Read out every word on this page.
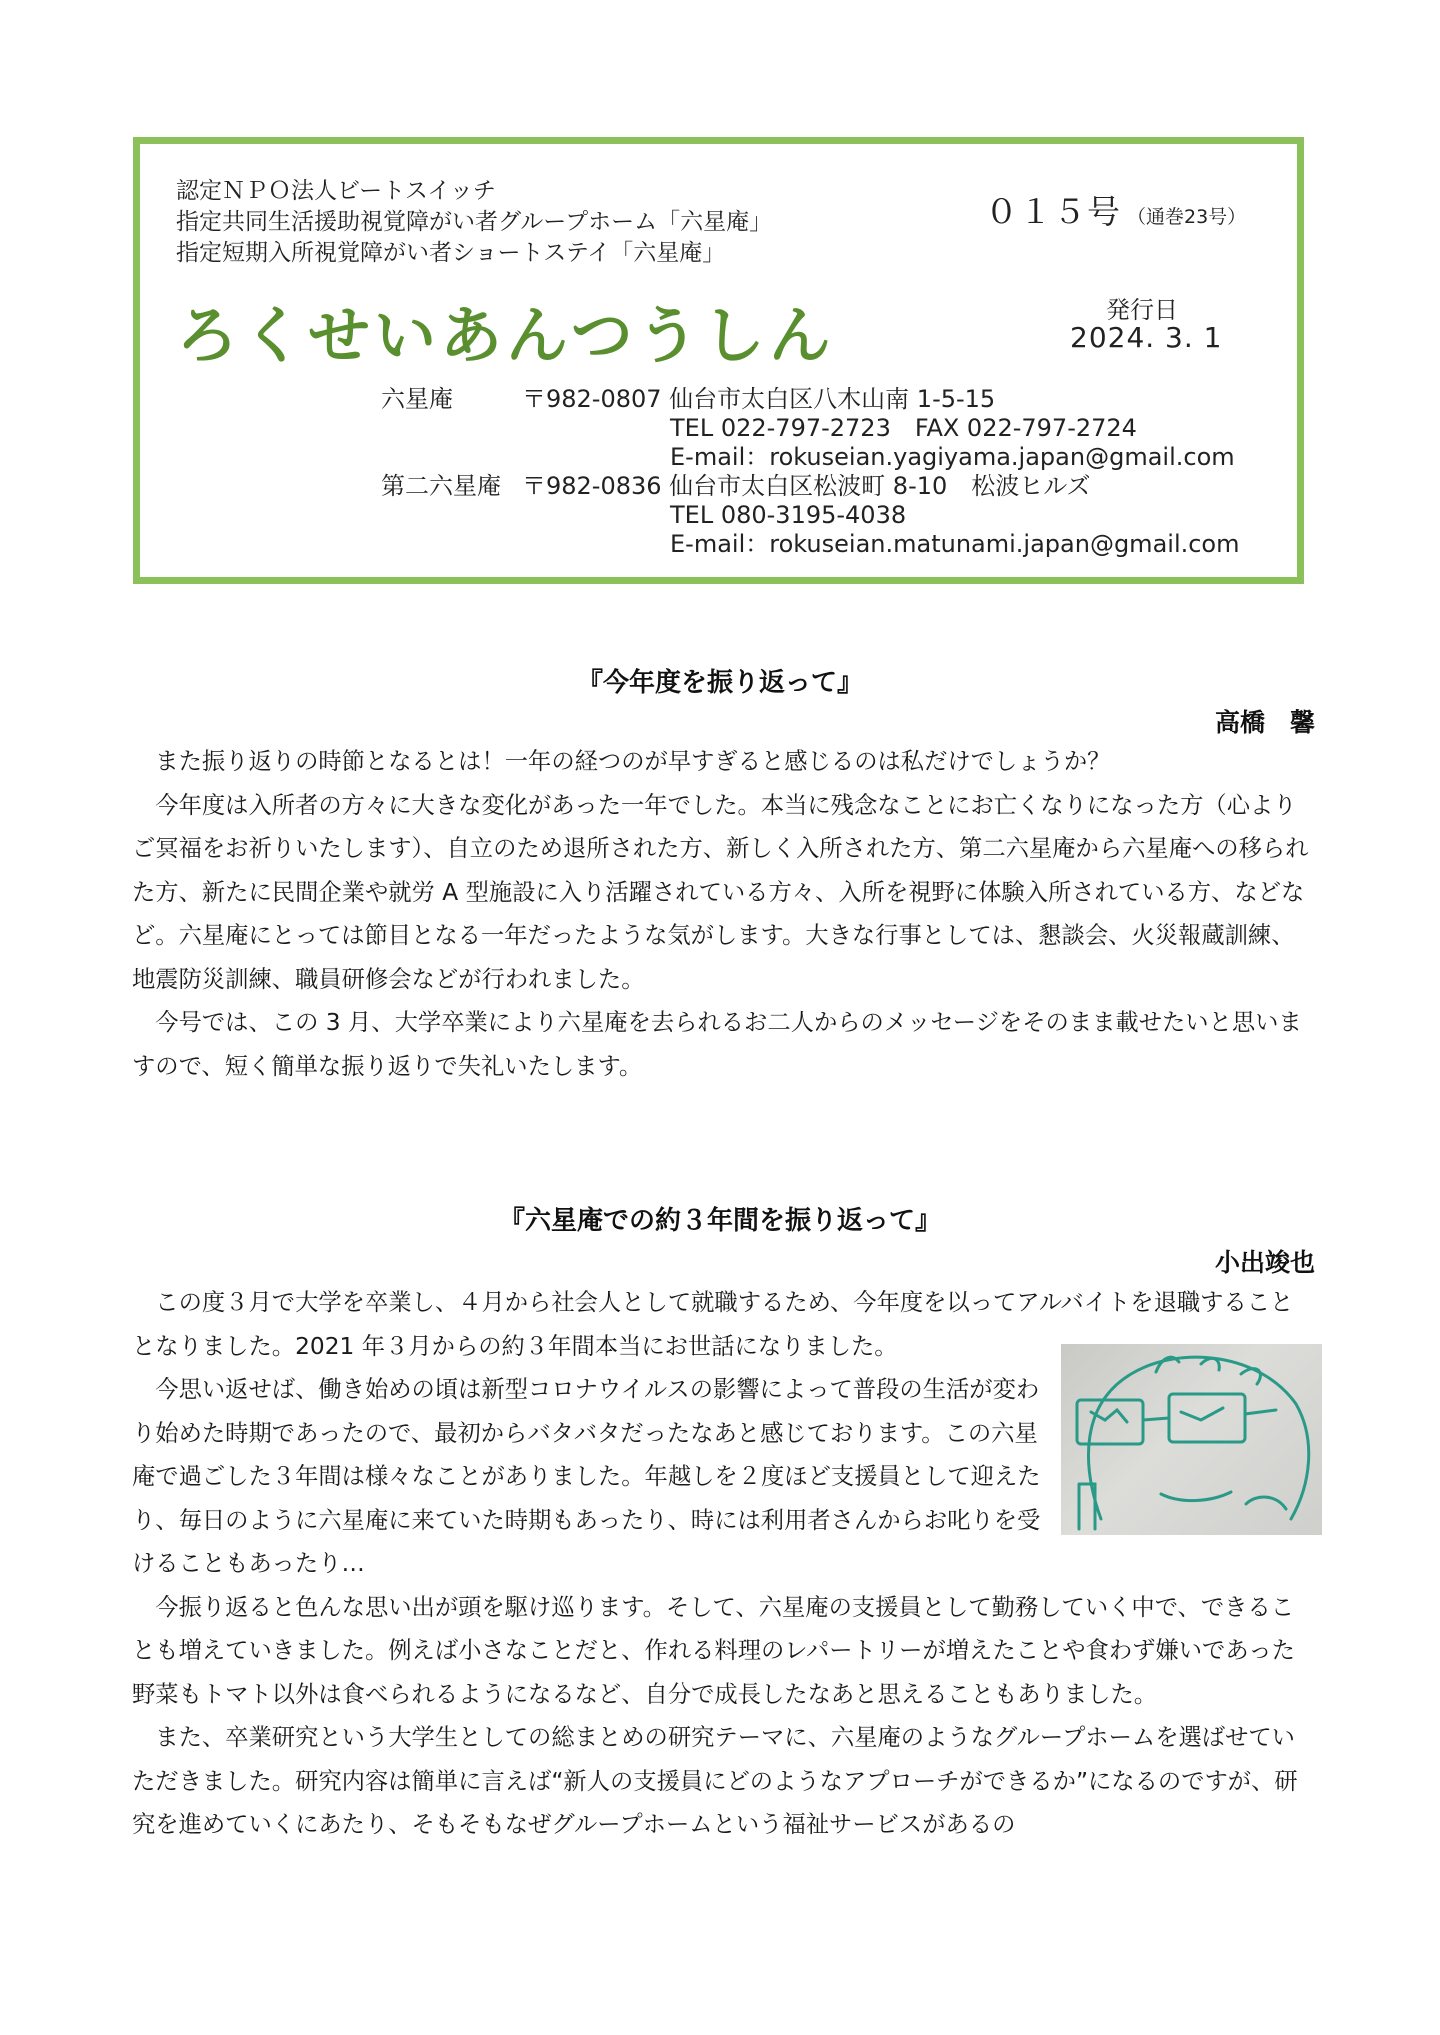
認定ＮＰＯ法人ビートスイッチ
指定共同生活援助視覚障がい者グループホーム「六星庵」
指定短期入所視覚障がい者ショートステイ「六星庵」
０１５号 （通巻23号）
ろくせいあんつうしん	発行日
2024. 3. 1
六星庵	〒982-0807 仙台市太白区八木山南 1-5-15
TEL 022-797-2723　FAX 022-797-2724
E-mail：rokuseian.yagiyama.japan@gmail.com
第二六星庵 〒982-0836 仙台市太白区松波町 8-10　松波ヒルズ
TEL 080-3195-4038
E-mail：rokuseian.matunami.japan@gmail.com
『今年度を振り返って』
高橋　馨

また振り返りの時節となるとは！一年の経つのが早すぎると感じるのは私だけでしょうか？

今年度は入所者の方々に大きな変化があった一年でした。本当に残念なことにお亡くなりになった方（心よりご冥福をお祈りいたします）、自立のため退所された方、新しく入所された方、第二六星庵から六星庵への移られた方、新たに民間企業や就労 A 型施設に入り活躍されている方々、入所を視野に体験入所されている方、などなど。六星庵にとっては節目となる一年だったような気がします。大きな行事としては、懇談会、火災報蔵訓練、地震防災訓練、職員研修会などが行われました。

今号では、この 3 月、大学卒業により六星庵を去られるお二人からのメッセージをそのまま載せたいと思いますので、短く簡単な振り返りで失礼いたします。

『六星庵での約３年間を振り返って』
小出竣也

この度３月で大学を卒業し、４月から社会人として就職するため、今年度を以ってアルバイトを退職することとなりました。2021 年３月からの約３年間本当にお世話になりました。

今思い返せば、働き始めの頃は新型コロナウイルスの影響によって普段の生活が変わり始めた時期であったので、最初からバタバタだったなあと感じております。この六星庵で過ごした３年間は様々なことがありました。年越しを２度ほど支援員として迎えたり、毎日のように六星庵に来ていた時期もあったり、時には利用者さんからお叱りを受けることもあったり…

今振り返ると色んな思い出が頭を駆け巡ります。そして、六星庵の支援員として勤務していく中で、できることも増えていきました。例えば小さなことだと、作れる料理のレパートリーが増えたことや食わず嫌いであった野菜もトマト以外は食べられるようになるなど、自分で成長したなあと思えることもありました。

また、卒業研究という大学生としての総まとめの研究テーマに、六星庵のようなグループホームを選ばせていただきました。研究内容は簡単に言えば“新人の支援員にどのようなアプローチができるか”になるのですが、研究を進めていくにあたり、そもそもなぜグループホームという福祉サービスがあるの
